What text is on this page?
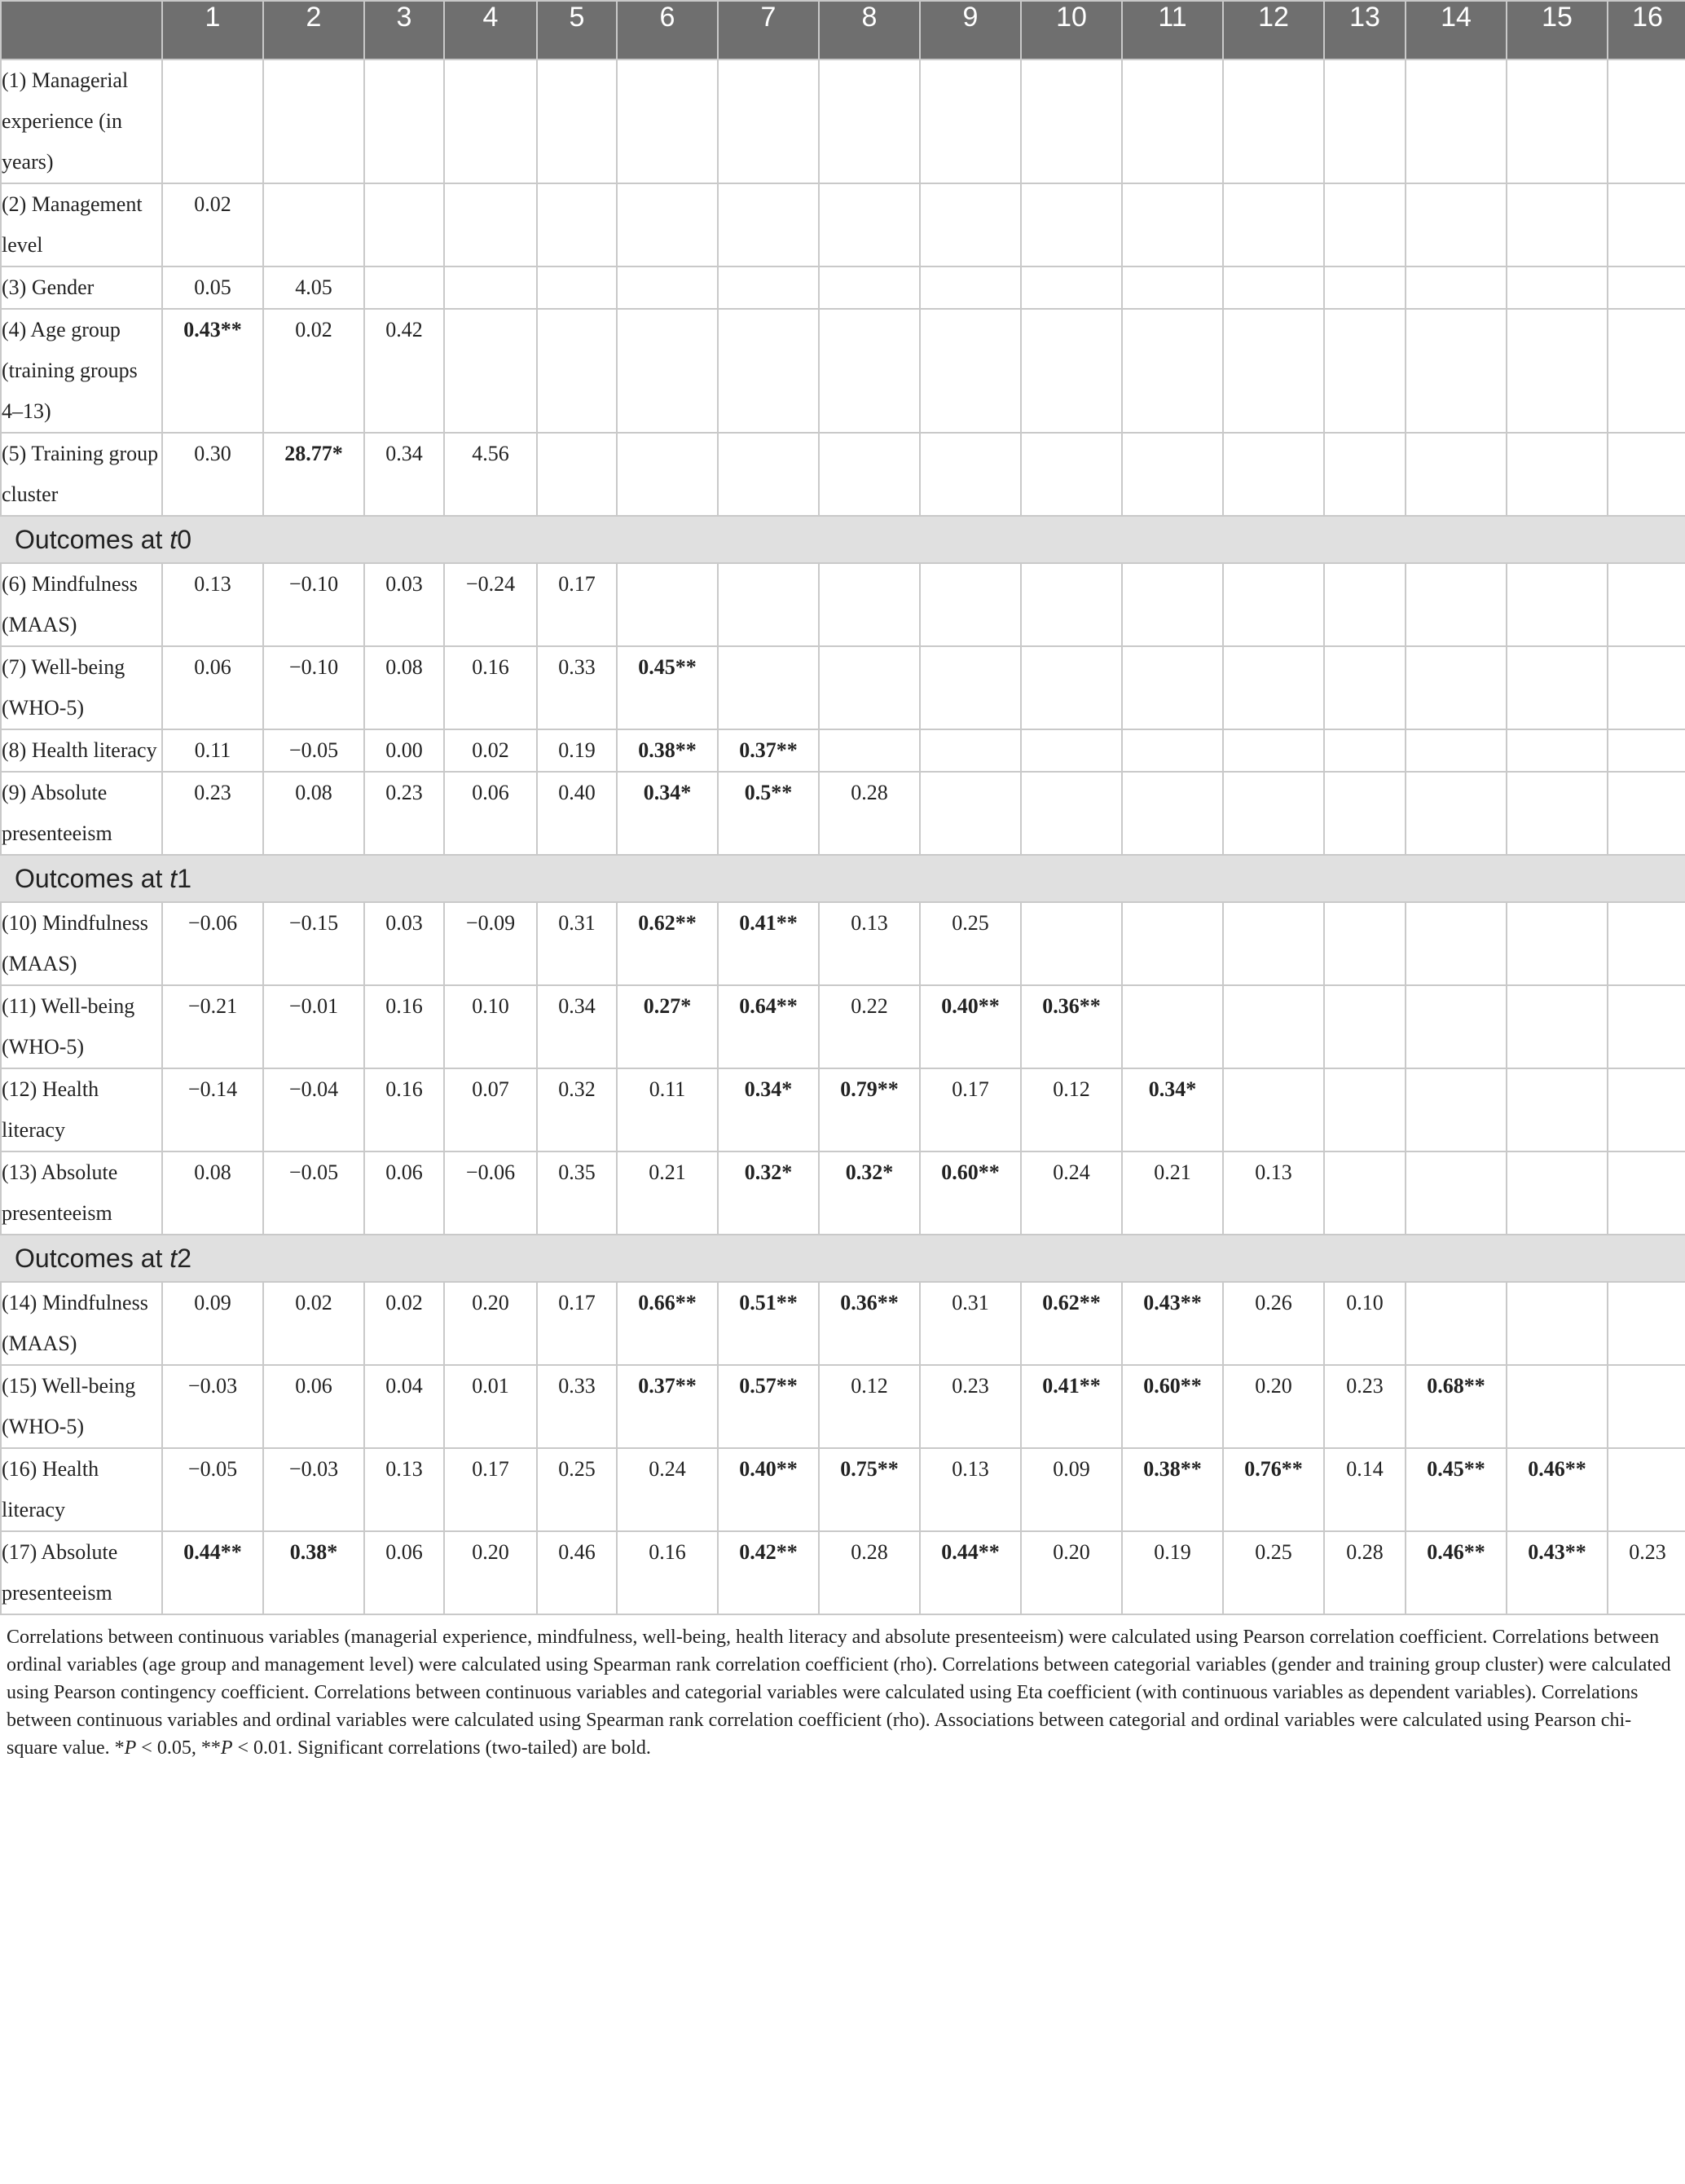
	1	2	3	4	5	6	7	8	9	10	11	12	13	14	15	16
(1) Managerial experience (in years)																
(2) Management level	0.02															
(3) Gender	0.05	4.05														
(4) Age group (training groups 4–13)	0.43**	0.02	0.42													
(5) Training group cluster	0.30	28.77*	0.34	4.56												
Outcomes at t0																
(6) Mindfulness (MAAS)	0.13	−0.10	0.03	−0.24	0.17											
(7) Well-being (WHO-5)	0.06	−0.10	0.08	0.16	0.33	0.45**										
(8) Health literacy	0.11	−0.05	0.00	0.02	0.19	0.38**	0.37**									
(9) Absolute presenteeism	0.23	0.08	0.23	0.06	0.40	0.34*	0.5**	0.28								
Outcomes at t1																
(10) Mindfulness (MAAS)	−0.06	−0.15	0.03	−0.09	0.31	0.62**	0.41**	0.13	0.25							
(11) Well-being (WHO-5)	−0.21	−0.01	0.16	0.10	0.34	0.27*	0.64**	0.22	0.40**	0.36**						
(12) Health literacy	−0.14	−0.04	0.16	0.07	0.32	0.11	0.34*	0.79**	0.17	0.12	0.34*					
(13) Absolute presenteeism	0.08	−0.05	0.06	−0.06	0.35	0.21	0.32*	0.32*	0.60**	0.24	0.21	0.13				
Outcomes at t2																
(14) Mindfulness (MAAS)	0.09	0.02	0.02	0.20	0.17	0.66**	0.51**	0.36**	0.31	0.62**	0.43**	0.26	0.10			
(15) Well-being (WHO-5)	−0.03	0.06	0.04	0.01	0.33	0.37**	0.57**	0.12	0.23	0.41**	0.60**	0.20	0.23	0.68**		
(16) Health literacy	−0.05	−0.03	0.13	0.17	0.25	0.24	0.40**	0.75**	0.13	0.09	0.38**	0.76**	0.14	0.45**	0.46**	
(17) Absolute presenteeism	0.44**	0.38*	0.06	0.20	0.46	0.16	0.42**	0.28	0.44**	0.20	0.19	0.25	0.28	0.46**	0.43**	0.23
Correlations between continuous variables (managerial experience, mindfulness, well-being, health literacy and absolute presenteeism) were calculated using Pearson correlation coefficient. Correlations between ordinal variables (age group and management level) were calculated using Spearman rank correlation coefficient (rho). Correlations between categorial variables (gender and training group cluster) were calculated using Pearson contingency coefficient. Correlations between continuous variables and categorial variables were calculated using Eta coefficient (with continuous variables as dependent variables). Correlations between continuous variables and ordinal variables were calculated using Spearman rank correlation coefficient (rho). Associations between categorial and ordinal variables were calculated using Pearson chi-square value. *P < 0.05, **P < 0.01. Significant correlations (two-tailed) are bold.
